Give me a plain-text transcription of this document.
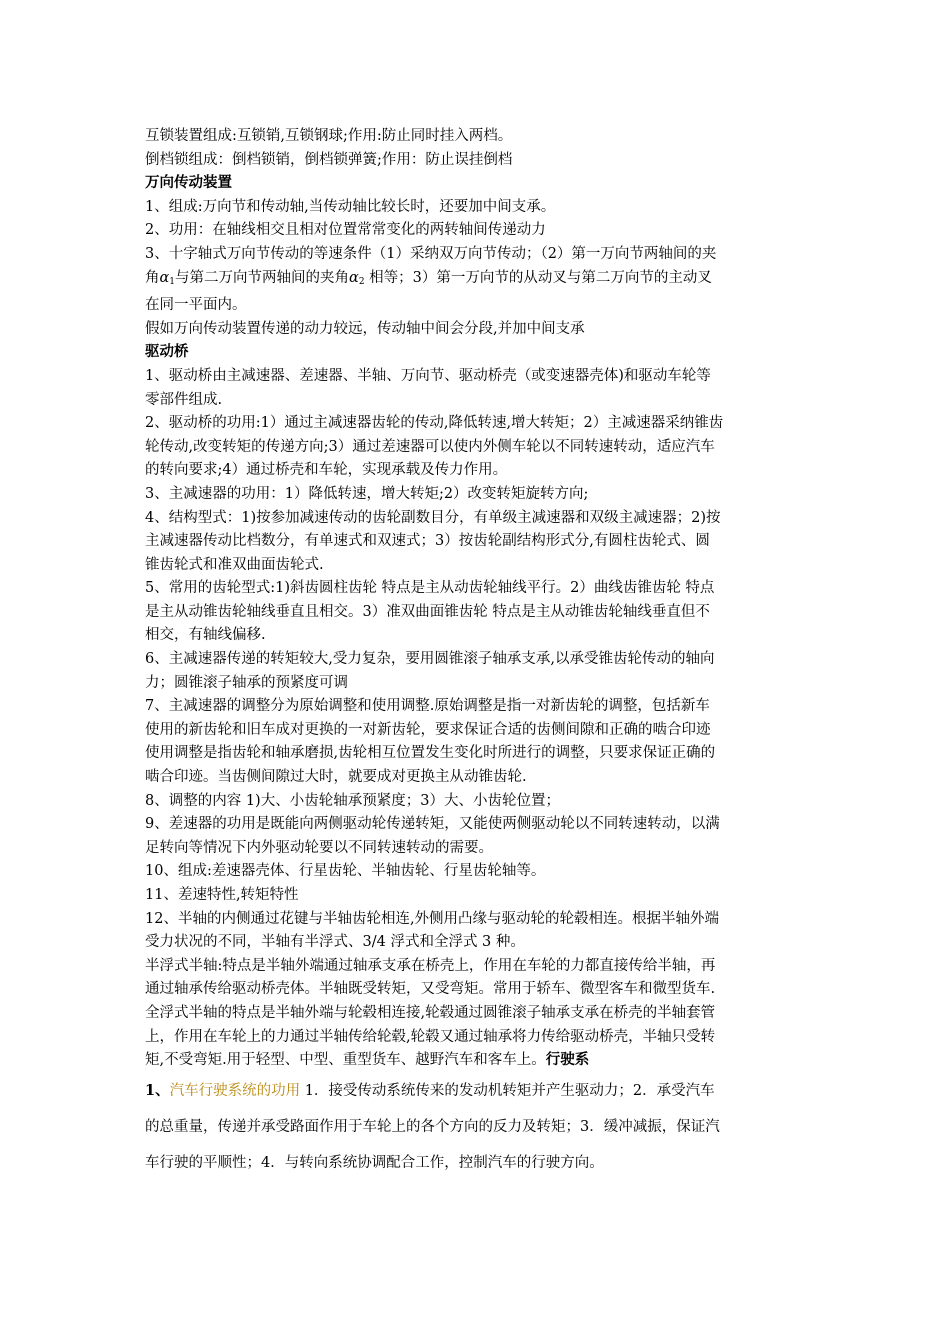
互锁装置组成:互锁销,互锁钢球;作用:防止同时挂入两档。
倒档锁组成：倒档锁销，倒档锁弹簧;作用：防止误挂倒档
万向传动装置
1、组成:万向节和传动轴,当传动轴比较长时，还要加中间支承。
2、功用：在轴线相交且相对位置常常变化的两转轴间传递动力
3、十字轴式万向节传动的等速条件（1）采纳双万向节传动；（2）第一万向节两轴间的夹
角$\alpha_1$与第二万向节两轴间的夹角$\alpha_2$ 相等；3）第一万向节的从动叉与第二万向节的主动叉
在同一平面内。
假如万向传动装置传递的动力较远，传动轴中间会分段,并加中间支承
驱动桥
1、驱动桥由主减速器、差速器、半轴、万向节、驱动桥壳（或变速器壳体)和驱动车轮等
零部件组成.
2、驱动桥的功用:1）通过主减速器齿轮的传动,降低转速,增大转矩；2）主减速器采纳锥齿
轮传动,改变转矩的传递方向;3）通过差速器可以使内外侧车轮以不同转速转动，适应汽车
的转向要求;4）通过桥壳和车轮，实现承载及传力作用。
3、主减速器的功用：1）降低转速，增大转矩;2）改变转矩旋转方向;
4、结构型式：1)按参加减速传动的齿轮副数目分，有单级主减速器和双级主减速器；2)按
主减速器传动比档数分，有单速式和双速式；3）按齿轮副结构形式分,有圆柱齿轮式、圆
锥齿轮式和准双曲面齿轮式.
5、常用的齿轮型式:1)斜齿圆柱齿轮 特点是主从动齿轮轴线平行。2）曲线齿锥齿轮 特点
是主从动锥齿轮轴线垂直且相交。3）准双曲面锥齿轮 特点是主从动锥齿轮轴线垂直但不
相交，有轴线偏移.
6、主减速器传递的转矩较大,受力复杂，要用圆锥滚子轴承支承,以承受锥齿轮传动的轴向
力；圆锥滚子轴承的预紧度可调
7、主减速器的调整分为原始调整和使用调整.原始调整是指一对新齿轮的调整，包括新车
使用的新齿轮和旧车成对更换的一对新齿轮，要求保证合适的齿侧间隙和正确的啮合印迹
使用调整是指齿轮和轴承磨损,齿轮相互位置发生变化时所进行的调整，只要求保证正确的
啮合印迹。当齿侧间隙过大时，就要成对更换主从动锥齿轮.
8、调整的内容 1)大、小齿轮轴承预紧度；3）大、小齿轮位置；
9、差速器的功用是既能向两侧驱动轮传递转矩，又能使两侧驱动轮以不同转速转动，以满
足转向等情况下内外驱动轮要以不同转速转动的需要。
10、组成:差速器壳体、行星齿轮、半轴齿轮、行星齿轮轴等。
11、差速特性,转矩特性
12、半轴的内侧通过花键与半轴齿轮相连,外侧用凸缘与驱动轮的轮毂相连。根据半轴外端
受力状况的不同，半轴有半浮式、3/4 浮式和全浮式 3 种。
半浮式半轴:特点是半轴外端通过轴承支承在桥壳上，作用在车轮的力都直接传给半轴，再
通过轴承传给驱动桥壳体。半轴既受转矩，又受弯矩。常用于轿车、微型客车和微型货车.
全浮式半轴的特点是半轴外端与轮毂相连接,轮毂通过圆锥滚子轴承支承在桥壳的半轴套管
上，作用在车轮上的力通过半轴传给轮毂,轮毂又通过轴承将力传给驱动桥壳，半轴只受转
矩,不受弯矩.用于轻型、中型、重型货车、越野汽车和客车上。行驶系
1、汽车行驶系统的功用 1．接受传动系统传来的发动机转矩并产生驱动力；2．承受汽车
的总重量，传递并承受路面作用于车轮上的各个方向的反力及转矩；3．缓冲减振，保证汽
车行驶的平顺性；4．与转向系统协调配合工作，控制汽车的行驶方向。
